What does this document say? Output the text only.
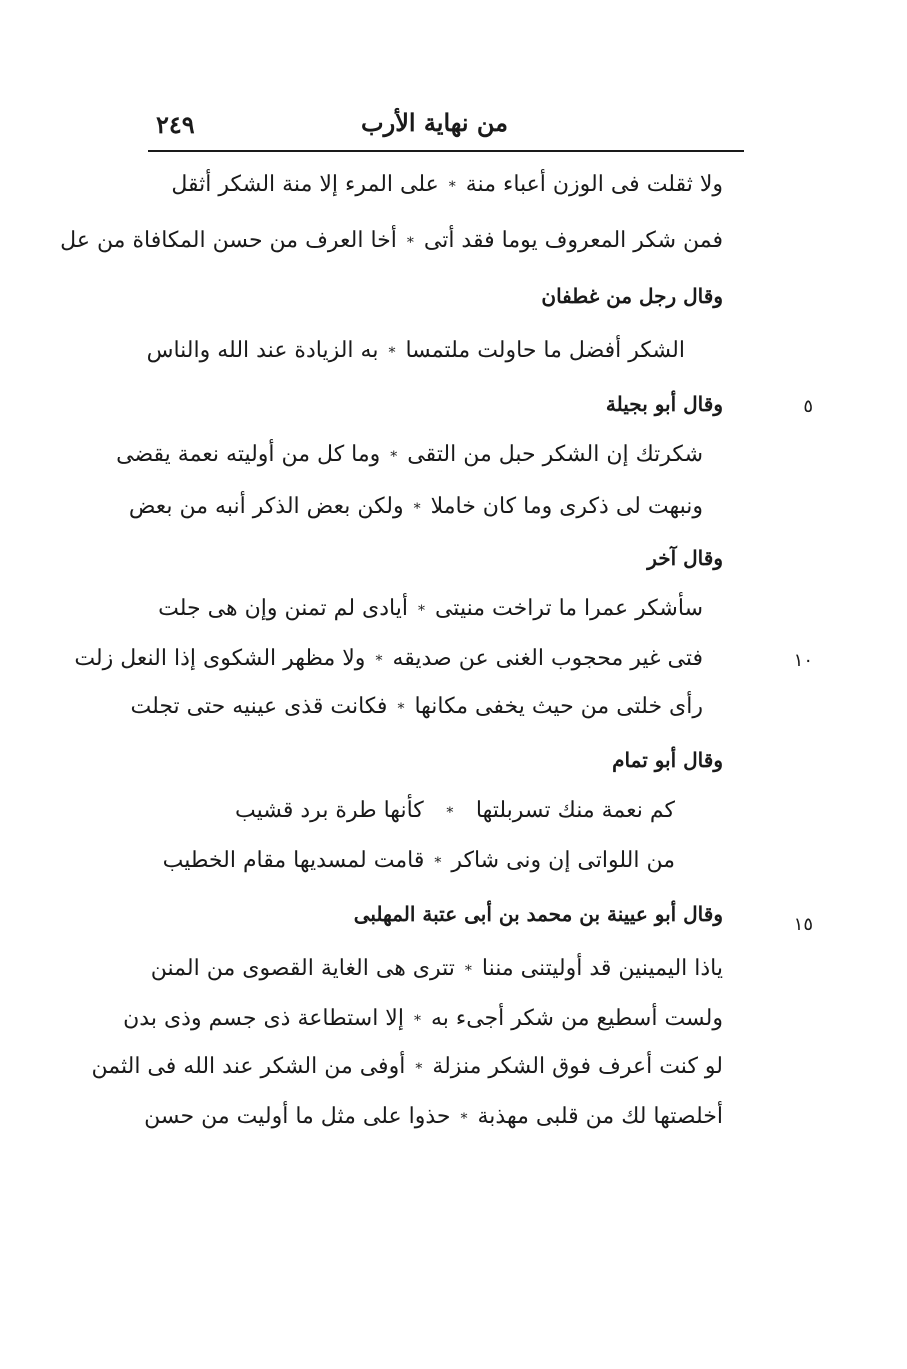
٢٤٩	من نهاية الأرب
ولا ثقلت فى الوزن أعباء منة
*
على المرء إلا منة الشكر أثقل
فمن شكر المعروف يوما فقد أتى
*
أخا العرف من حسن المكافاة من عل
وقال رجل من غطفان
الشكر أفضل ما حاولت ملتمسا
*
به الزيادة عند الله والناس
وقال أبو بجيلة	٥
شكرتك إن الشكر حبل من التقى
*
وما كل من أوليته نعمة يقضى
ونبهت لى ذكرى وما كان خاملا
*
ولكن بعض الذكر أنبه من بعض
وقال آخر
سأشكر عمرا ما تراخت منيتى
*
أيادى لم تمنن وإن هى جلت
فتى غير محجوب الغنى عن صديقه
*
ولا مظهر الشكوى إذا النعل زلت	١٠
رأى خلتى من حيث يخفى مكانها
*
فكانت قذى عينيه حتى تجلت
وقال أبو تمام
كم نعمة منك تسربلتها
*
كأنها طرة برد قشيب
من اللواتى إن ونى شاكر
*
قامت لمسديها مقام الخطيب
وقال أبو عيينة بن محمد بن أبى عتبة المهلبى	١٥
ياذا اليمينين قد أوليتنى مننا
*
تترى هى الغاية القصوى من المنن
ولست أسطيع من شكر أجىء به
*
إلا استطاعة ذى جسم وذى بدن
لو كنت أعرف فوق الشكر منزلة
*
أوفى من الشكر عند الله فى الثمن
أخلصتها لك من قلبى مهذبة
*
حذوا على مثل ما أوليت من حسن
